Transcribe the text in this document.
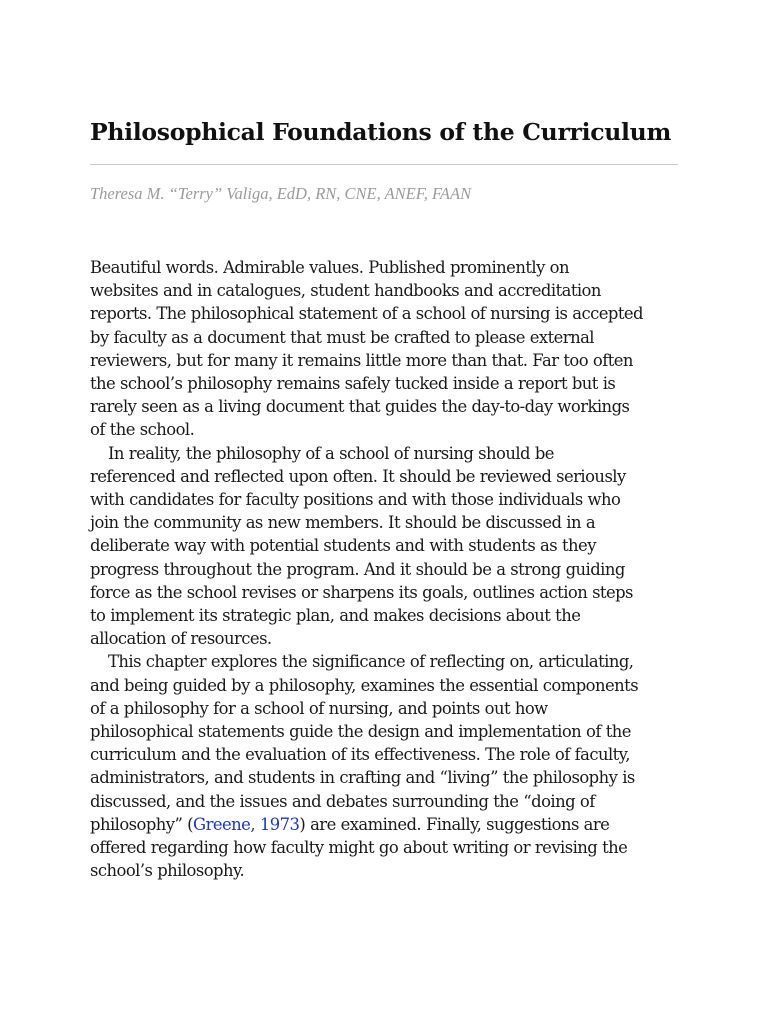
Philosophical Foundations of the Curriculum

Theresa M. “Terry” Valiga, EdD, RN, CNE, ANEF, FAAN

Beautiful words. Admirable values. Published prominently on
websites and in catalogues, student handbooks and accreditation
reports. The philosophical statement of a school of nursing is accepted
by faculty as a document that must be crafted to please external
reviewers, but for many it remains little more than that. Far too often
the school’s philosophy remains safely tucked inside a report but is
rarely seen as a living document that guides the day-to-day workings
of the school.

In reality, the philosophy of a school of nursing should be
referenced and reflected upon often. It should be reviewed seriously
with candidates for faculty positions and with those individuals who
join the community as new members. It should be discussed in a
deliberate way with potential students and with students as they
progress throughout the program. And it should be a strong guiding
force as the school revises or sharpens its goals, outlines action steps
to implement its strategic plan, and makes decisions about the
allocation of resources.

This chapter explores the significance of reflecting on, articulating,
and being guided by a philosophy, examines the essential components
of a philosophy for a school of nursing, and points out how
philosophical statements guide the design and implementation of the
curriculum and the evaluation of its effectiveness. The role of faculty,
administrators, and students in crafting and “living” the philosophy is
discussed, and the issues and debates surrounding the “doing of
philosophy” (Greene, 1973) are examined. Finally, suggestions are
offered regarding how faculty might go about writing or revising the
school’s philosophy.
